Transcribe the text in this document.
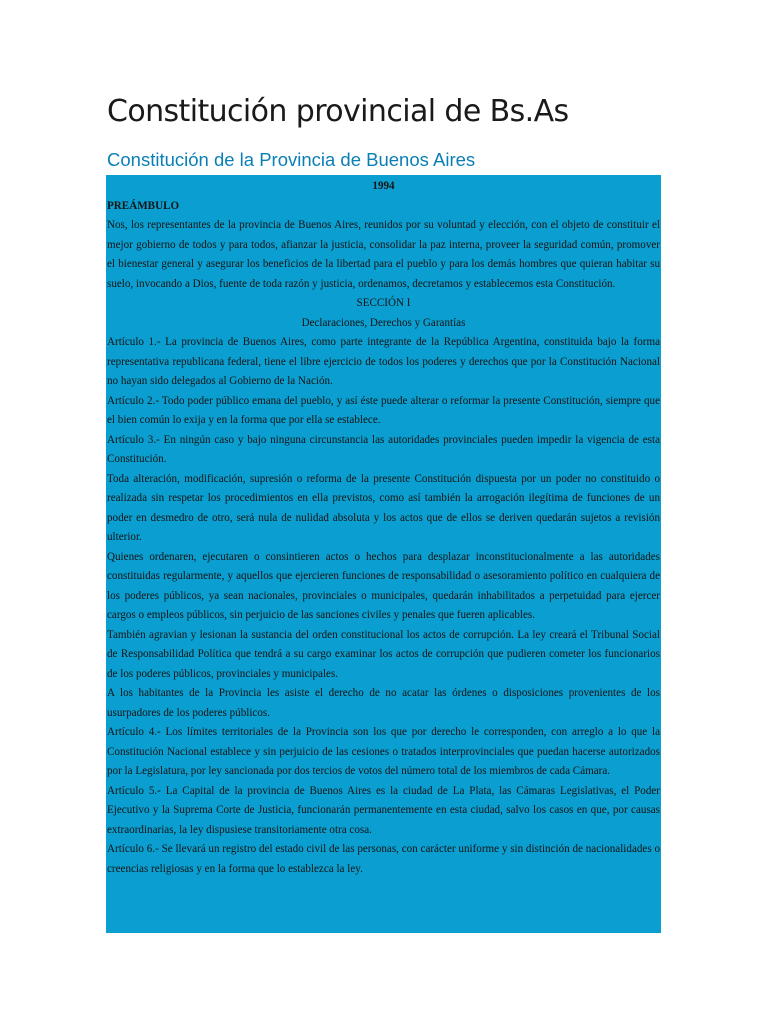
Constitución provincial de Bs.As
Constitución de la Provincia de Buenos Aires
1994
PREÁMBULO

Nos, los representantes de la provincia de Buenos Aires, reunidos por su voluntad y elección, con el objeto de constituir el mejor gobierno de todos y para todos, afianzar la justicia, consolidar la paz interna, proveer la seguridad común, promover el bienestar general y asegurar los beneficios de la libertad para el pueblo y para los demás hombres que quieran habitar su suelo, invocando a Dios, fuente de toda razón y justicia, ordenamos, decretamos y establecemos esta Constitución.

SECCIÓN I
Declaraciones, Derechos y Garantías

Artículo 1.- La provincia de Buenos Aires, como parte integrante de la República Argentina, constituida bajo la forma representativa republicana federal, tiene el libre ejercicio de todos los poderes y derechos que por la Constitución Nacional no hayan sido delegados al Gobierno de la Nación.

Artículo 2.- Todo poder público emana del pueblo, y así éste puede alterar o reformar la presente Constitución, siempre que el bien común lo exija y en la forma que por ella se establece.

Artículo 3.- En ningún caso y bajo ninguna circunstancia las autoridades provinciales pueden impedir la vigencia de esta Constitución.

Toda alteración, modificación, supresión o reforma de la presente Constitución dispuesta por un poder no constituido o realizada sin respetar los procedimientos en ella previstos, como así también la arrogación ilegítima de funciones de un poder en desmedro de otro, será nula de nulidad absoluta y los actos que de ellos se deriven quedarán sujetos a revisión ulterior.

Quienes ordenaren, ejecutaren o consintieren actos o hechos para desplazar inconstitucionalmente a las autoridades constituidas regularmente, y aquellos que ejercieren funciones de responsabilidad o asesoramiento político en cualquiera de los poderes públicos, ya sean nacionales, provinciales o municipales, quedarán inhabilitados a perpetuidad para ejercer cargos o empleos públicos, sin perjuicio de las sanciones civiles y penales que fueren aplicables.

También agravian y lesionan la sustancia del orden constitucional los actos de corrupción. La ley creará el Tribunal Social de Responsabilidad Política que tendrá a su cargo examinar los actos de corrupción que pudieren cometer los funcionarios de los poderes públicos, provinciales y municipales.

A los habitantes de la Provincia les asiste el derecho de no acatar las órdenes o disposiciones provenientes de los usurpadores de los poderes públicos.

Artículo 4.- Los límites territoriales de la Provincia son los que por derecho le corresponden, con arreglo a lo que la Constitución Nacional establece y sin perjuicio de las cesiones o tratados interprovinciales que puedan hacerse autorizados por la Legislatura, por ley sancionada por dos tercios de votos del número total de los miembros de cada Cámara.

Artículo 5.- La Capital de la provincia de Buenos Aires es la ciudad de La Plata, las Cámaras Legislativas, el Poder Ejecutivo y la Suprema Corte de Justicia, funcionarán permanentemente en esta ciudad, salvo los casos en que, por causas extraordinarias, la ley dispusiese transitoriamente otra cosa.

Artículo 6.- Se llevará un registro del estado civil de las personas, con carácter uniforme y sin distinción de nacionalidades o creencias religiosas y en la forma que lo establezca la ley.
